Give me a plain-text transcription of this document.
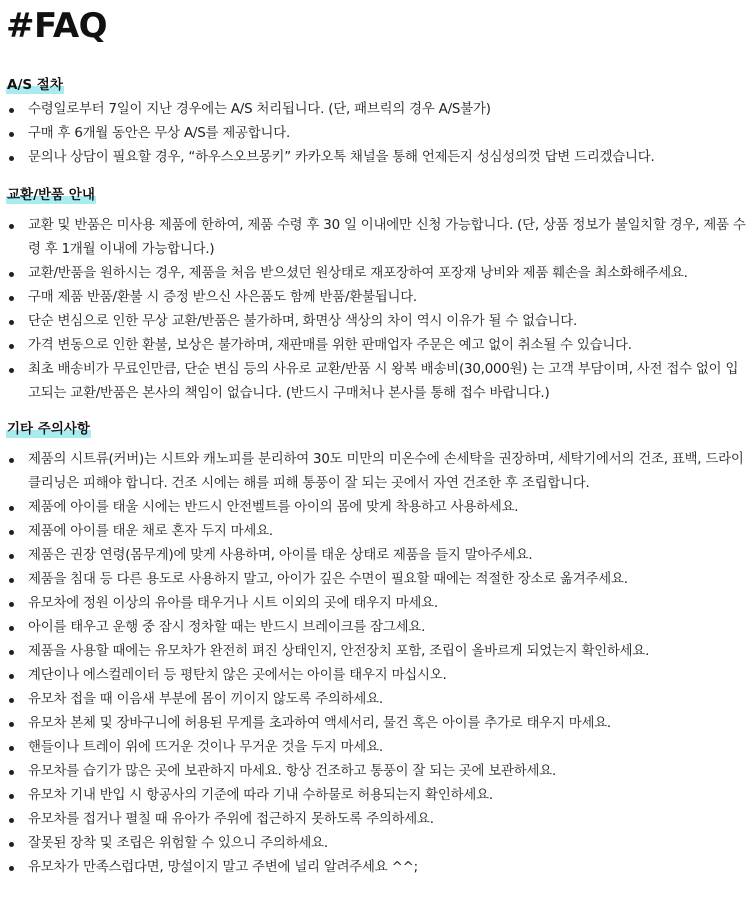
#FAQ
A/S 절차
수령일로부터 7일이 지난 경우에는 A/S 처리됩니다. (단, 패브릭의 경우 A/S불가)
구매 후 6개월 동안은 무상 A/S를 제공합니다.
문의나 상담이 필요할 경우, “하우스오브몽키” 카카오톡 채널을 통해 언제든지 성심성의껏 답변 드리겠습니다.
교환/반품 안내
교환 및 반품은 미사용 제품에 한하여, 제품 수령 후 30 일 이내에만 신청 가능합니다. (단, 상품 정보가 불일치할 경우, 제품 수령 후 1개월 이내에 가능합니다.)
교환/반품을 원하시는 경우, 제품을 처음 받으셨던 원상태로 재포장하여 포장재 낭비와 제품 훼손을 최소화해주세요.
구매 제품 반품/환불 시 증정 받으신 사은품도 함께 반품/환불됩니다.
단순 변심으로 인한 무상 교환/반품은 불가하며, 화면상 색상의 차이 역시 이유가 될 수 없습니다.
가격 변동으로 인한 환불, 보상은 불가하며, 재판매를 위한 판매업자 주문은 예고 없이 취소될 수 있습니다.
최초 배송비가 무료인만큼, 단순 변심 등의 사유로 교환/반품 시 왕복 배송비(30,000원) 는 고객 부담이며, 사전 접수 없이 입고되는 교환/반품은 본사의 책임이 없습니다. (반드시 구매처나 본사를 통해 접수 바랍니다.)
기타 주의사항
제품의 시트류(커버)는 시트와 캐노피를 분리하여 30도 미만의 미온수에 손세탁을 권장하며, 세탁기에서의 건조, 표백, 드라이클리닝은 피해야 합니다. 건조 시에는 해를 피해 통풍이 잘 되는 곳에서 자연 건조한 후 조립합니다.
제품에 아이를 태울 시에는 반드시 안전벨트를 아이의 몸에 맞게 착용하고 사용하세요.
제품에 아이를 태운 채로 혼자 두지 마세요.
제품은 권장 연령(몸무게)에 맞게 사용하며, 아이를 태운 상태로 제품을 들지 말아주세요.
제품을 침대 등 다른 용도로 사용하지 말고, 아이가 깊은 수면이 필요할 때에는 적절한 장소로 옮겨주세요.
유모차에 정원 이상의 유아를 태우거나 시트 이외의 곳에 태우지 마세요.
아이를 태우고 운행 중 잠시 정차할 때는 반드시 브레이크를 잠그세요.
제품을 사용할 때에는 유모차가 완전히 펴진 상태인지, 안전장치 포함, 조립이 올바르게 되었는지 확인하세요.
계단이나 에스컬레이터 등 평탄치 않은 곳에서는 아이를 태우지 마십시오.
유모차 접을 때 이음새 부분에 몸이 끼이지 않도록 주의하세요.
유모차 본체 및 장바구니에 허용된 무게를 초과하여 액세서리, 물건 혹은 아이를 추가로 태우지 마세요.
핸들이나 트레이 위에 뜨거운 것이나 무거운 것을 두지 마세요.
유모차를 습기가 많은 곳에 보관하지 마세요. 항상 건조하고 통풍이 잘 되는 곳에 보관하세요.
유모차 기내 반입 시 항공사의 기준에 따라 기내 수하물로 허용되는지 확인하세요.
유모차를 접거나 펼칠 때 유아가 주위에 접근하지 못하도록 주의하세요.
잘못된 장착 및 조립은 위험할 수 있으니 주의하세요.
유모차가 만족스럽다면, 망설이지 말고 주변에 널리 알려주세요 ^^;
